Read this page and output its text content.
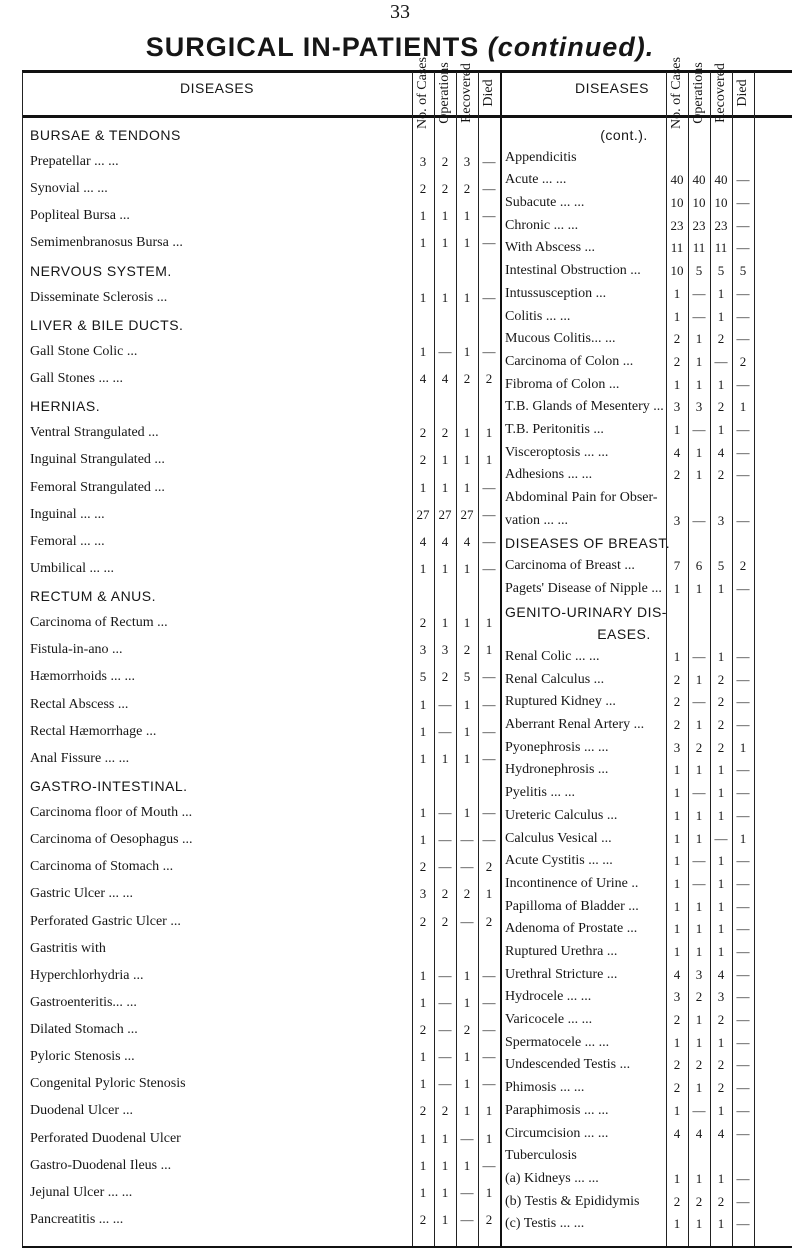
33
SURGICAL IN-PATIENTS (continued).
DISEASES	DISEASES
BURSAE & TENDONS
Prepatellar ... ...	3	2	3 —
Synovial ... ...	2	2	2 —
Popliteal Bursa ...	1	1	1 —
Semimenbranosus Bursa ...	1	1	1 —
NERVOUS SYSTEM.
Disseminate Sclerosis ...	1	1	1 —
LIVER & BILE DUCTS.
Gall Stone Colic ...	1 — 1 —
Gall Stones ... ...	4	4	2	2
HERNIAS.
Ventral Strangulated ...	2	2	1	1
Inguinal Strangulated ...	2	1	1	1
Femoral Strangulated ...	1	1	1 —
Inguinal ... ...	27 27 27 —
Femoral ... ...	4	4	4 —
Umbilical ... ...	1	1	1 —
RECTUM & ANUS.
Carcinoma of Rectum ...	2	1	1	1
Fistula-in-ano ...	3	3	2	1
Hæmorrhoids ... ...	5	2	5 —
Rectal Abscess ...	1 — 1 —
Rectal Hæmorrhage ...	1 — 1 —
Anal Fissure ... ...	1	1	1 —
GASTRO-INTESTINAL.
Carcinoma floor of Mouth ...	1 — 1 —
Carcinoma of Oesophagus ...	1 — — —
Carcinoma of Stomach ...	2 — — 2
Gastric Ulcer ... ...	3	2	2	1
Perforated Gastric Ulcer ...	2	2 — 2
Gastritis with
Hyperchlorhydria ...	1 — 1 —
Gastroenteritis... ...	1 — 1 —
Dilated Stomach ...	2 — 2 —
Pyloric Stenosis ...	1 — 1 —
Congenital Pyloric Stenosis	1 — 1 —
Duodenal Ulcer ...	2	2	1	1
Perforated Duodenal Ulcer	1	1 — 1
Gastro-Duodenal Ileus ...	1	1	1 —
Jejunal Ulcer ... ...	1	1 — 1
Pancreatitis ... ...	2	1 — 2
(cont.).
Appendicitis
Acute ... ...	40 40 40 —
Subacute ... ...	10 10 10 —
Chronic ... ...	23 23 23 —
With Abscess ...	11 11 11 —
Intestinal Obstruction ...	10 5	5	5
Intussusception ...	1 — 1 —
Colitis ... ...	1 — 1 —
Mucous Colitis... ...	2	1	2 —
Carcinoma of Colon ...	2	1 — 2
Fibroma of Colon ...	1	1	1 —
T.B. Glands of Mesentery ... 3	3	2	1
T.B. Peritonitis ...	1 — 1 —
Visceroptosis ... ...	4	1	4 —
Adhesions ... ...	2	1	2 —
Abdominal Pain for Obser-
vation ... ...	3 — 3 —
DISEASES OF BREAST.
Carcinoma of Breast ...	7	6	5	2
Pagets' Disease of Nipple ... 1	1	1 —
GENITO-URINARY DIS-
EASES.
Renal Colic ... ...	1 — 1 —
Renal Calculus ...	2	1	2 —
Ruptured Kidney ...	2 — 2 —
Aberrant Renal Artery ...	2	1	2 —
Pyonephrosis ... ...	3	2	2	1
Hydronephrosis ...	1	1	1 —
Pyelitis ... ...	1 — 1 —
Ureteric Calculus ...	1	1	1 —
Calculus Vesical ...	1	1 — 1
Acute Cystitis ... ...	1 — 1 —
Incontinence of Urine ..	1 — 1 —
Papilloma of Bladder ...	1	1	1 —
Adenoma of Prostate ...	1	1	1 —
Ruptured Urethra ...	1	1	1 —
Urethral Stricture ...	4	3	4 —
Hydrocele ... ...	3	2	3 —
Varicocele ... ...	2	1	2 —
Spermatocele ... ...	1	1	1 —
Undescended Testis ...	2	2	2 —
Phimosis ... ...	2	1	2 —
Paraphimosis ... ...	1 — 1 —
Circumcision ... ...	4	4	4 —
Tuberculosis
(a) Kidneys ... ...	1	1	1 —
(b) Testis & Epididymis	2	2	2 —
(c) Testis ... ...	1	1	1 —
No. of Cases Operations Recovered Died	No. of Cases Operations Recovered Died
